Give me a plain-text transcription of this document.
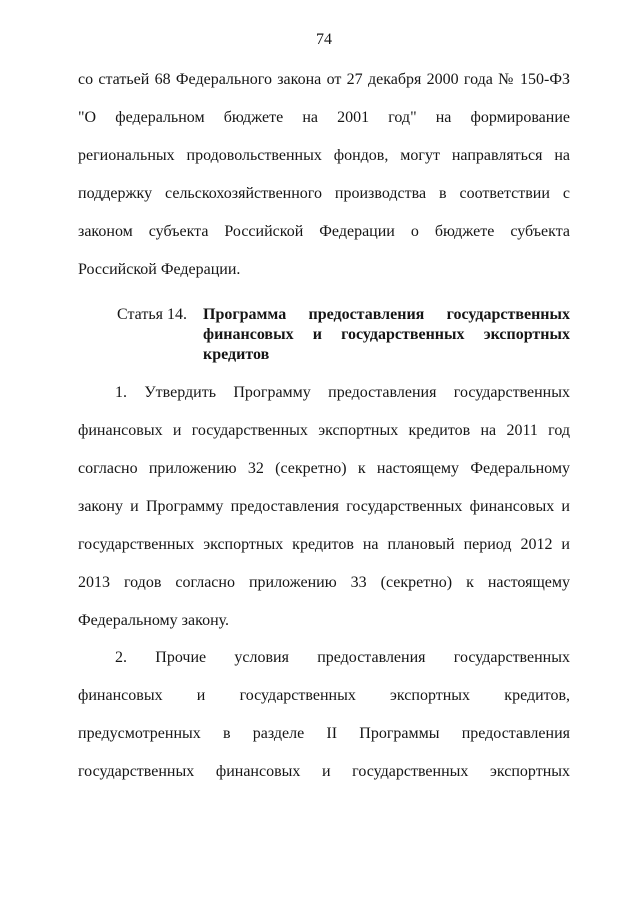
74
со статьей 68 Федерального закона от 27 декабря 2000 года № 150-ФЗ
"О федеральном бюджете на 2001 год" на формирование
региональных продовольственных фондов, могут направляться на
поддержку сельскохозяйственного производства в соответствии с
законом субъекта Российской Федерации о бюджете субъекта
Российской Федерации.
Статья 14. Программа предоставления государственных
финансовых и государственных экспортных
кредитов
1. Утвердить Программу предоставления государственных
финансовых и государственных экспортных кредитов на 2011 год
согласно приложению 32 (секретно) к настоящему Федеральному
закону и Программу предоставления государственных финансовых и
государственных экспортных кредитов на плановый период 2012 и
2013 годов согласно приложению 33 (секретно) к настоящему
Федеральному закону.
2. Прочие условия предоставления государственных
финансовых и государственных экспортных кредитов,
предусмотренных в разделе II Программы предоставления
государственных финансовых и государственных экспортных
